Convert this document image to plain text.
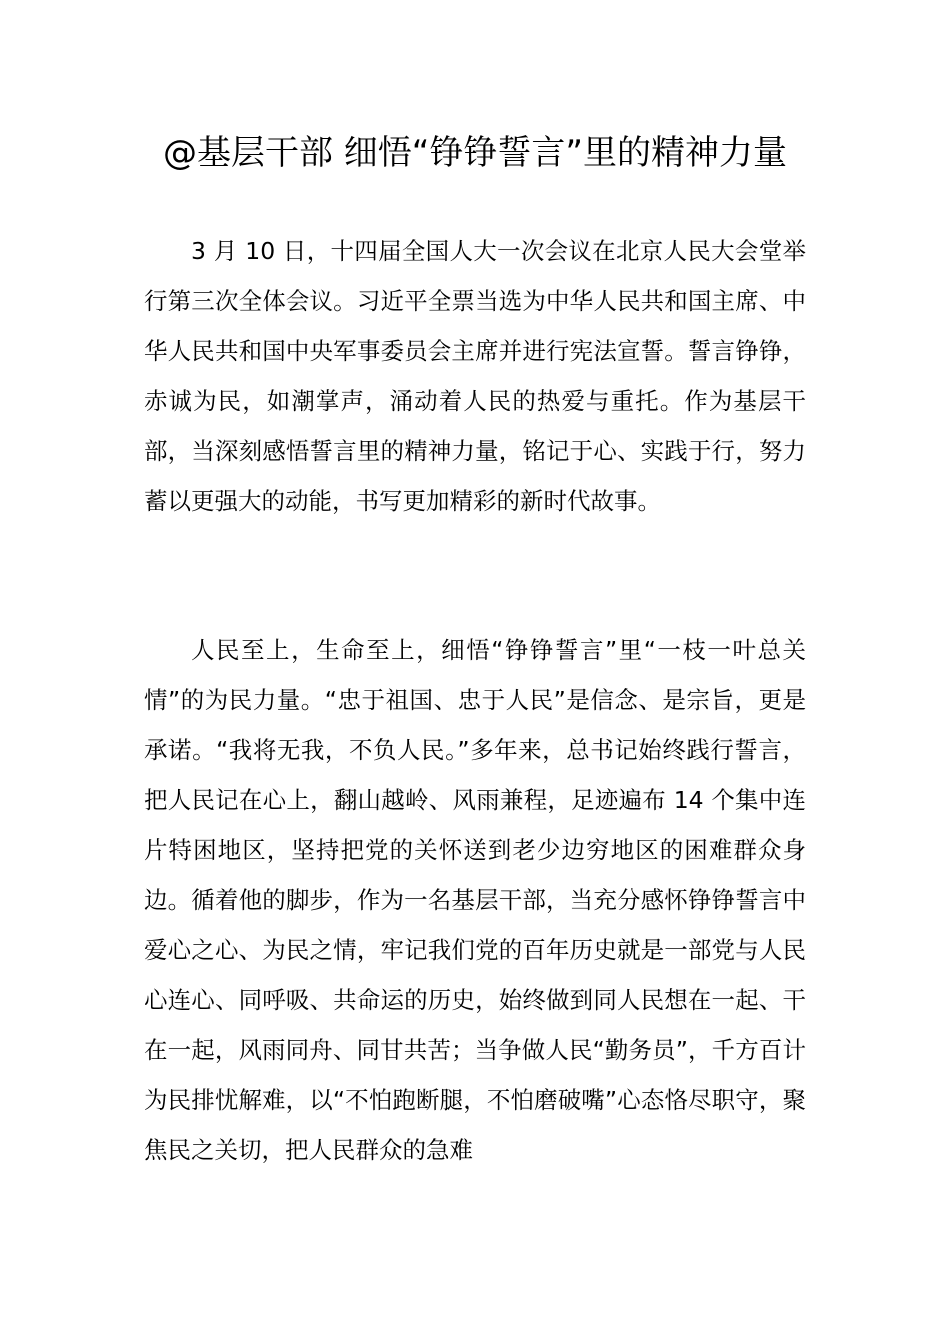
@基层干部 细悟“铮铮誓言”里的精神力量

3 月 10 日，十四届全国人大一次会议在北京人民大会堂举行第三次全体会议。习近平全票当选为中华人民共和国主席、中华人民共和国中央军事委员会主席并进行宪法宣誓。誓言铮铮，赤诚为民，如潮掌声，涌动着人民的热爱与重托。作为基层干部，当深刻感悟誓言里的精神力量，铭记于心、实践于行，努力蓄以更强大的动能，书写更加精彩的新时代故事。

人民至上，生命至上，细悟“铮铮誓言”里“一枝一叶总关情”的为民力量。“忠于祖国、忠于人民”是信念、是宗旨，更是承诺。“我将无我，不负人民。”多年来，总书记始终践行誓言，把人民记在心上，翻山越岭、风雨兼程，足迹遍布 14 个集中连片特困地区，坚持把党的关怀送到老少边穷地区的困难群众身边。循着他的脚步，作为一名基层干部，当充分感怀铮铮誓言中爱心之心、为民之情，牢记我们党的百年历史就是一部党与人民心连心、同呼吸、共命运的历史，始终做到同人民想在一起、干在一起，风雨同舟、同甘共苦；当争做人民“勤务员”，千方百计为民排忧解难，以“不怕跑断腿，不怕磨破嘴”心态恪尽职守，聚焦民之关切，把人民群众的急难
